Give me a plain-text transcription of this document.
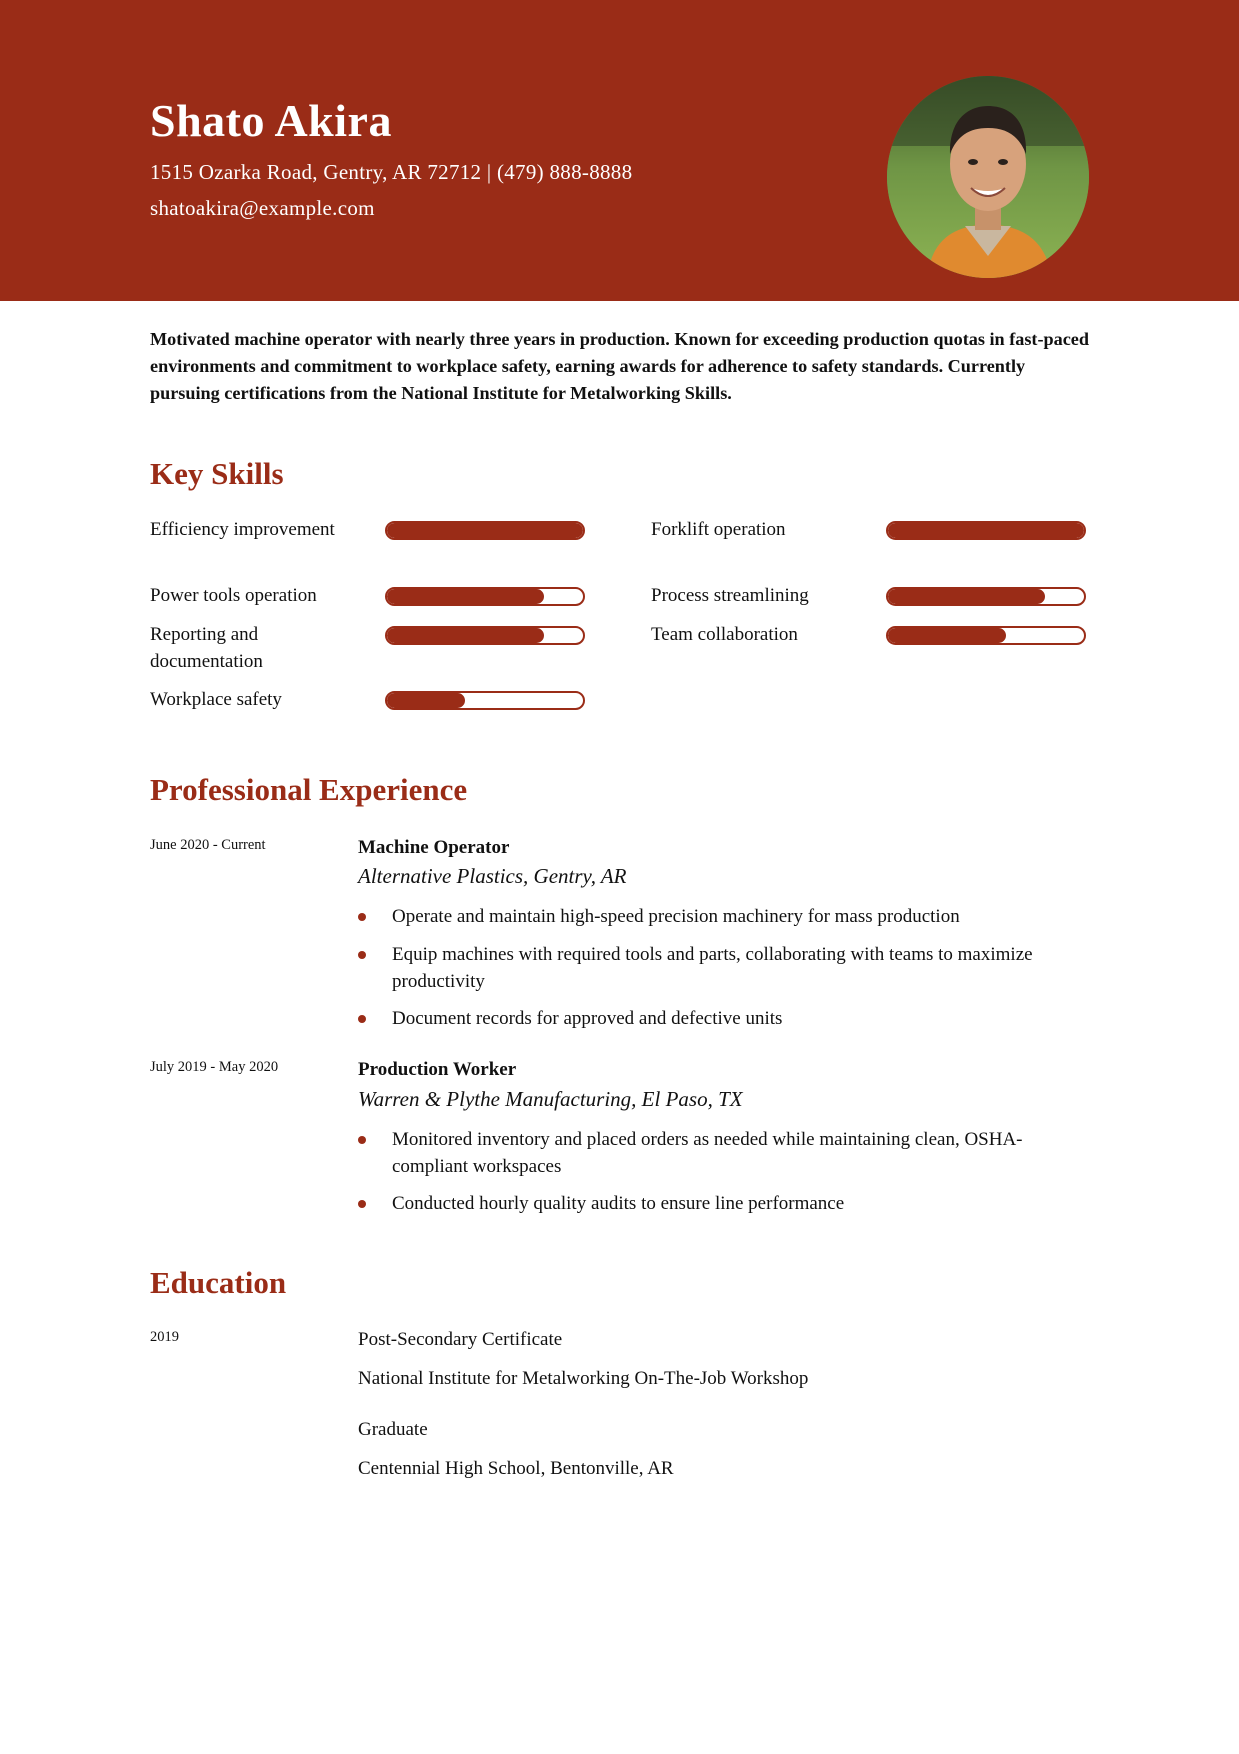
Shato Akira
1515 Ozarka Road, Gentry, AR 72712 | (479) 888-8888
shatoakira@example.com
Motivated machine operator with nearly three years in production. Known for exceeding production quotas in fast-paced environments and commitment to workplace safety, earning awards for adherence to safety standards. Currently pursuing certifications from the National Institute for Metalworking Skills.
Key Skills
Efficiency improvement	Forklift operation
Power tools operation	Process streamlining
Reporting and documentation
Team collaboration
Workplace safety
Professional Experience
June 2020 - Current	Machine Operator
Alternative Plastics, Gentry, AR
Operate and maintain high-speed precision machinery for mass production
Equip machines with required tools and parts, collaborating with teams to maximize productivity
Document records for approved and defective units
July 2019 - May 2020	Production Worker
Warren & Plythe Manufacturing, El Paso, TX
Monitored inventory and placed orders as needed while maintaining clean, OSHA-compliant workspaces
Conducted hourly quality audits to ensure line performance
Education
2019	Post-Secondary Certificate
National Institute for Metalworking On-The-Job Workshop
Graduate
Centennial High School, Bentonville, AR
